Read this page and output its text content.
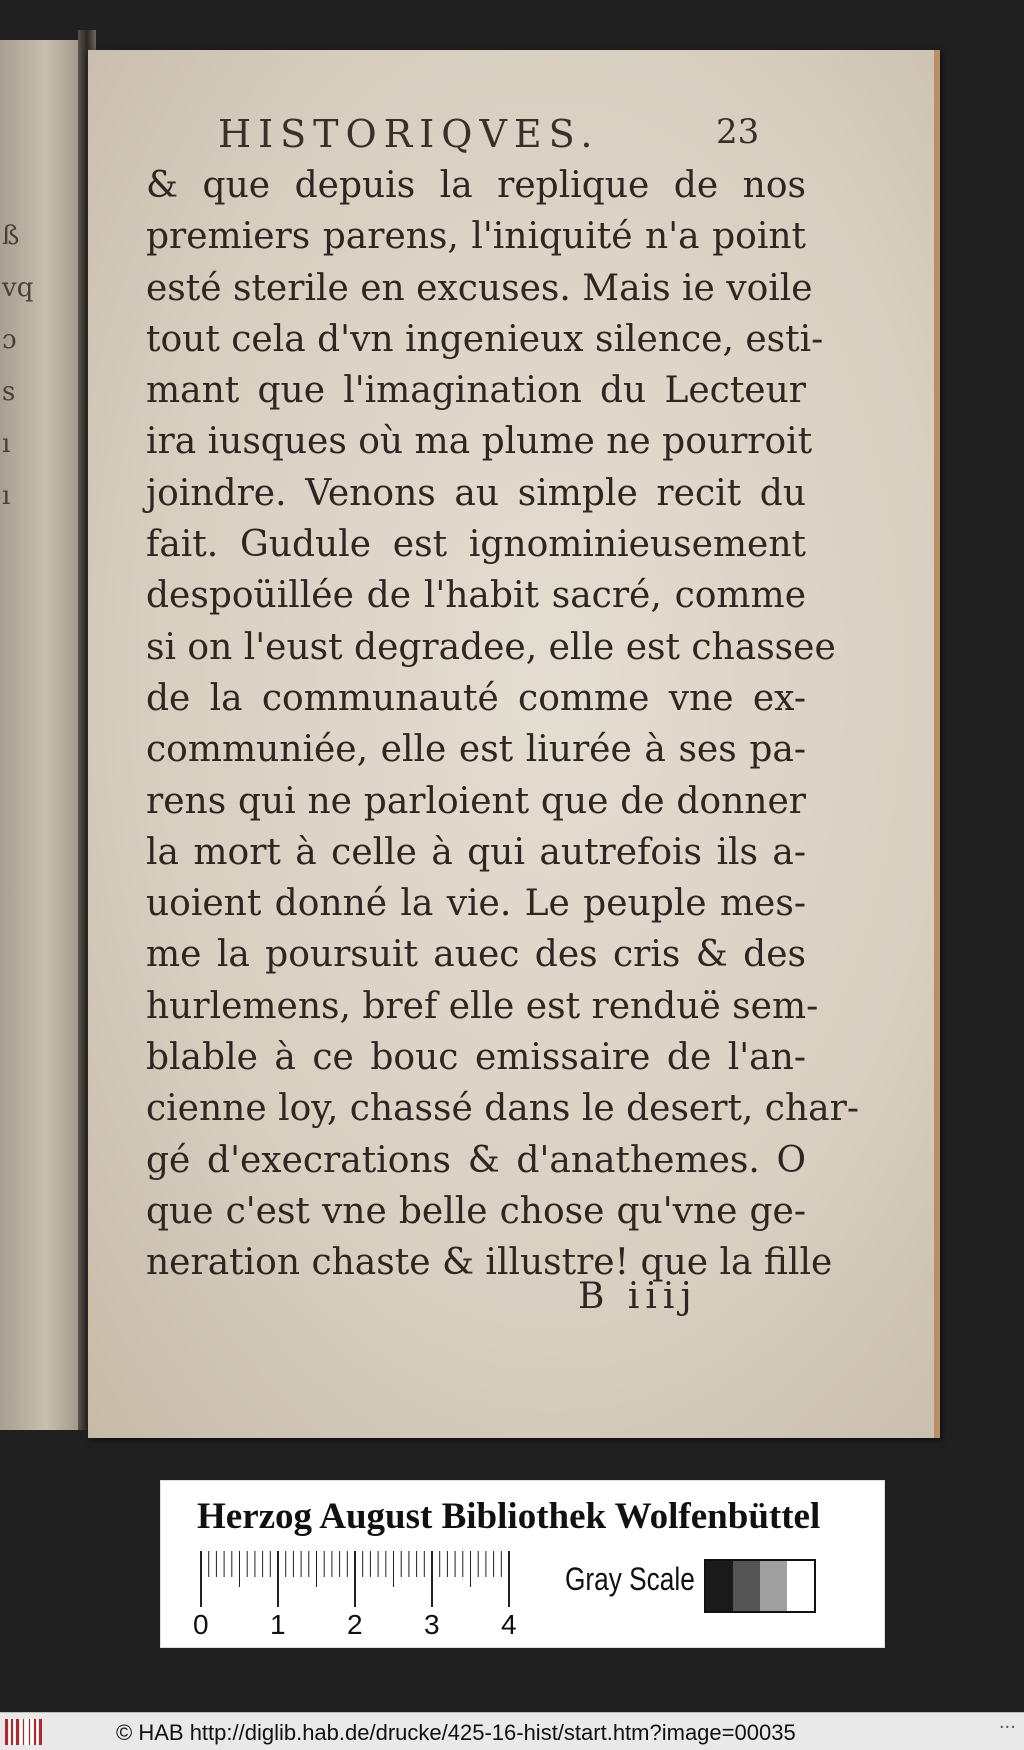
ß
vq
ɔ
s
ı
ı
HISTORIQVES.	23
& que depuis la replique de nos
premiers parens, l'iniquité n'a point
esté sterile en excuses. Mais ie voile
tout cela d'vn ingenieux silence, esti-
mant que l'imagination du Lecteur
ira iusques où ma plume ne pourroit
joindre. Venons au simple recit du
fait. Gudule est ignominieusement
despoüillée de l'habit sacré, comme
si on l'eust degradee, elle est chassee
de la communauté comme vne ex-
communiée, elle est liurée à ses pa-
rens qui ne parloient que de donner
la mort à celle à qui autrefois ils a-
uoient donné la vie. Le peuple mes-
me la poursuit auec des cris & des
hurlemens, bref elle est renduë sem-
blable à ce bouc emissaire de l'an-
cienne loy, chassé dans le desert, char-
gé d'execrations & d'anathemes. O
que c'est vne belle chose qu'vne ge-
neration chaste & illustre! que la fille
B iiij
Herzog August Bibliothek Wolfenbüttel
0 1 2 3 4
Gray Scale
© HAB http://diglib.hab.de/drucke/425-16-hist/start.htm?image=00035	···
